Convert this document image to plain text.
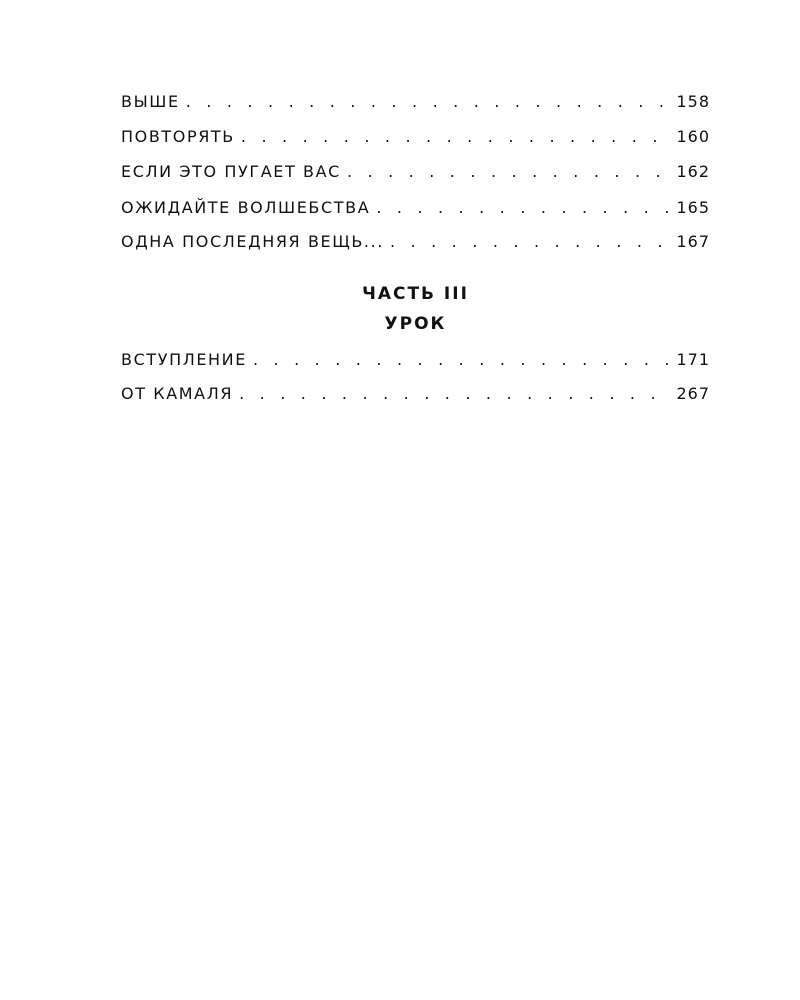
ВЫШЕ . . .	158
ПОВТОРЯТЬ . . .	160
ЕСЛИ ЭТО ПУГАЕТ ВАС . . .	162
ОЖИДАЙТЕ ВОЛШЕБСТВА . . .	165
ОДНА ПОСЛЕДНЯЯ ВЕЩЬ... . . .	167
ЧАСТЬ III
УРОК
ВСТУПЛЕНИЕ . . .	171
ОТ КАМАЛЯ . . .	267
